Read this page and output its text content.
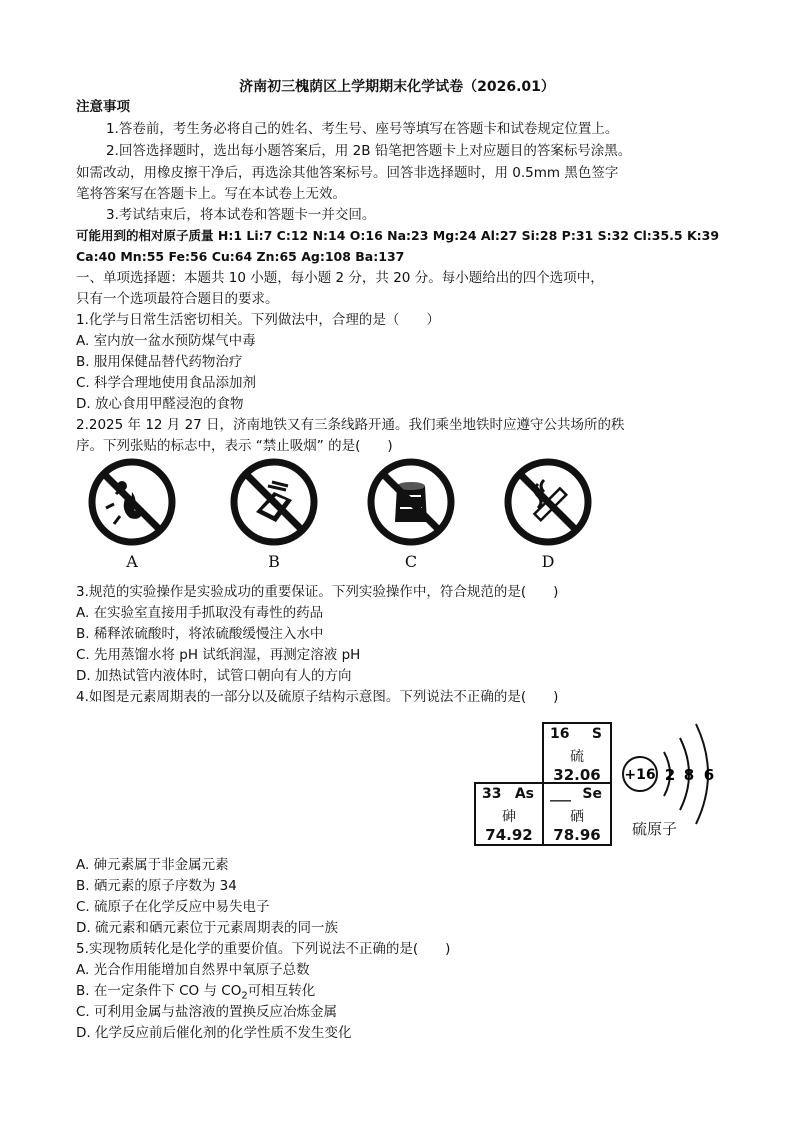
济南初三槐荫区上学期期末化学试卷（2026.01）
注意事项
1.答卷前，考生务必将自己的姓名、考生号、座号等填写在答题卡和试卷规定位置上。
2.回答选择题时，选出每小题答案后，用 2B 铅笔把答题卡上对应题目的答案标号涂黑。
如需改动，用橡皮擦干净后，再选涂其他答案标号。回答非选择题时，用 0.5mm 黑色签字
笔将答案写在答题卡上。写在本试卷上无效。
3.考试结束后，将本试卷和答题卡一并交回。
可能用到的相对原子质量 H:1 Li:7 C:12 N:14 O:16 Na:23 Mg:24 Al:27 Si:28 P:31 S:32 Cl:35.5 K:39
Ca:40 Mn:55 Fe:56 Cu:64 Zn:65 Ag:108 Ba:137
一、单项选择题：本题共 10 小题，每小题 2 分，共 20 分。每小题给出的四个选项中，
只有一个选项最符合题目的要求。
1.化学与日常生活密切相关。下列做法中，合理的是（　　）
A. 室内放一盆水预防煤气中毒
B. 服用保健品替代药物治疗
C. 科学合理地使用食品添加剂
D. 放心食用甲醛浸泡的食物
2.2025 年 12 月 27 日，济南地铁又有三条线路开通。我们乘坐地铁时应遵守公共场所的秩
序。下列张贴的标志中，表示 “禁止吸烟” 的是(　　)
A	B	C	D
3.规范的实验操作是实验成功的重要保证。下列实验操作中，符合规范的是(　　)
A. 在实验室直接用手抓取没有毒性的药品
B. 稀释浓硫酸时，将浓硫酸缓慢注入水中
C. 先用蒸馏水将 pH 试纸润湿，再测定溶液 pH
D. 加热试管内液体时，试管口朝向有人的方向
4.如图是元素周期表的一部分以及硫原子结构示意图。下列说法不正确的是(　　)
16 S
硫
32.06
33 As
砷
74.92
___ Se
硒
78.96
+16 2 8 6
硫原子
A. 砷元素属于非金属元素
B. 硒元素的原子序数为 34
C. 硫原子在化学反应中易失电子
D. 硫元素和硒元素位于元素周期表的同一族
5.实现物质转化是化学的重要价值。下列说法不正确的是(　　)
A. 光合作用能增加自然界中氧原子总数
B. 在一定条件下 CO 与 $CO_2$可相互转化
C. 可利用金属与盐溶液的置换反应冶炼金属
D. 化学反应前后催化剂的化学性质不发生变化
